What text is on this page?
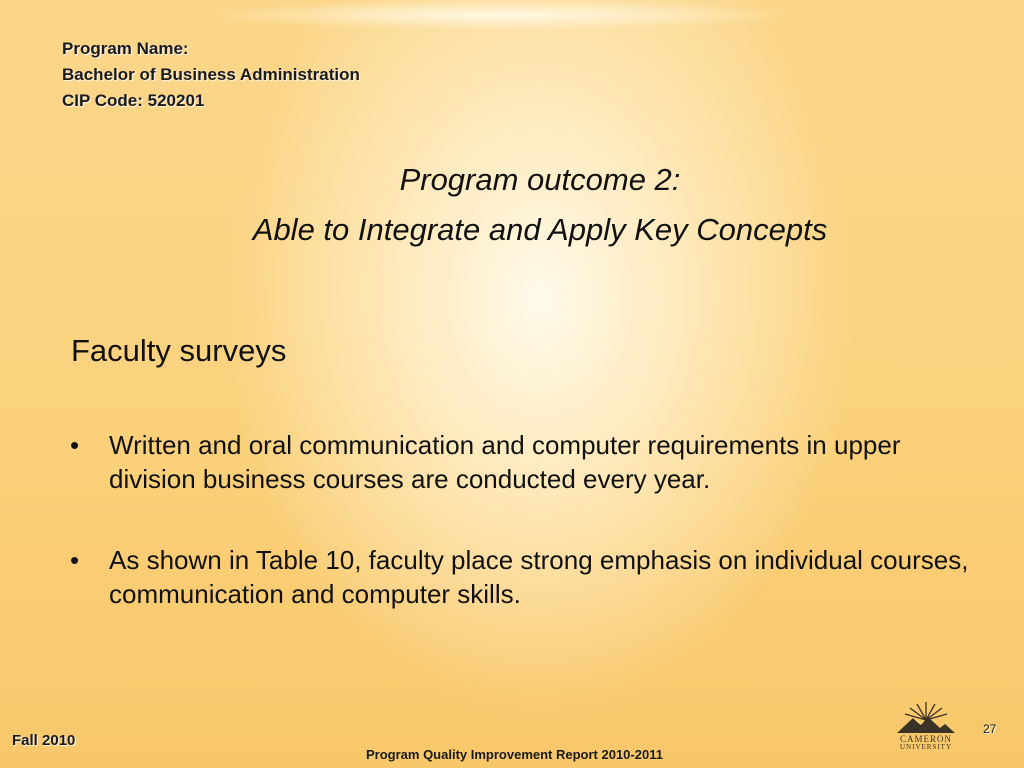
Program Name:
Bachelor of Business Administration
CIP Code: 520201
Program outcome 2:
Able to Integrate and Apply Key Concepts
Faculty surveys
• Written and oral communication and computer requirements in upper division business courses are conducted every year.
• As shown in Table 10, faculty place strong emphasis on individual courses, communication and computer skills.
Fall 2010
Program Quality Improvement Report 2010-2011
27
CAMERON
UNIVERSITY
